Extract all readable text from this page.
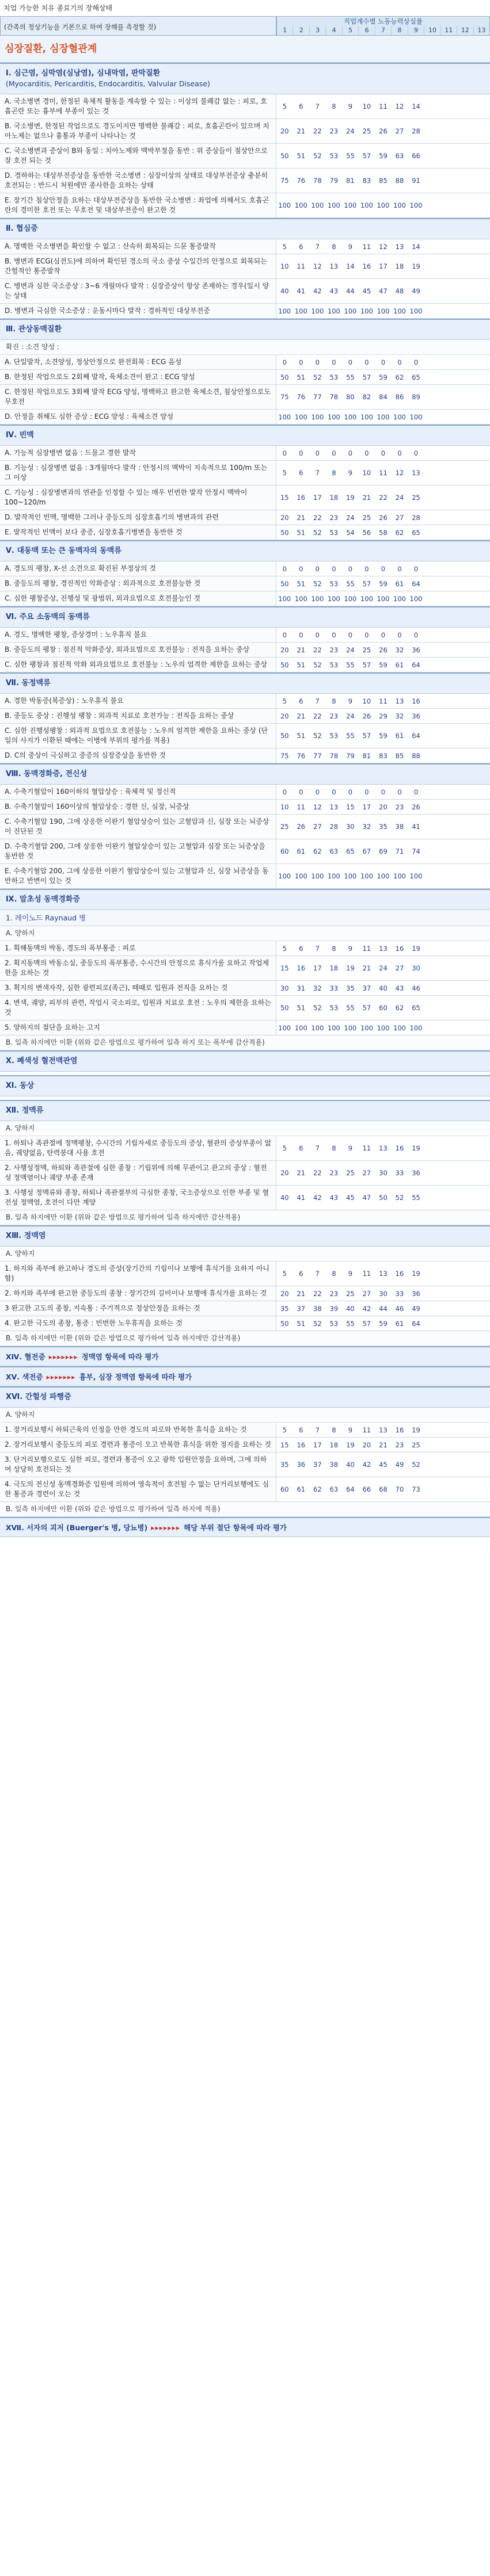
치업 가능한 치유 종료기의 장해상태
(간족의 정상기능을 기본으로 하여 장해를 측정할 것)
직업계수별 노동능력상실률
1	2	3	4	5	6	7	8	9	10	11	12	13
심장질환, 심장혈관계
Ⅰ. 심근염, 심막염(심낭염), 심내막염, 판막질환
(Myocarditis, Pericarditis, Endocarditis, Valvular Disease)
A. 국소병변 경미, 한정된 육체적 활동을 계속할 수 있는 : 이상의 불쾌감 없는 : 피로, 호흡곤란 또는 흉부에 부종이 있는 것
5	6	7	8	9	10	11	12	14
B. 국소병변, 한정된 작업으로도 경도이지만 명백한 불쾌감 : 피로, 호흡곤란이 있으며 치아노제는 없으나 흉통과 부종이 나타나는 것
20	21	22	23	24	25	26	27	28
C. 국소병변과 증상이 B와 동일 : 치아노제와 맥박부정을 동반 : 위 증상들이 점상안으로 잘 호전 되는 것
50	51	52	53	55	57	59	63	66
D. 경하하는 대상부전증상을 동반한 국소병변 : 심장이상의 상태로 대상부전증상 충분히 호전되는 : 반드시 처원에만 종사한을 요하는 상태
75	76	78	79	81	83	85	88	91
E. 장기간 침상안정을 요하는 대상부전증상을 동반한 국소병변 : 좌업에 의해서도 호흡곤란의 경미한 호전 또는 무호전 및 대상부전증이 완고한 것
100 100 100 100 100 100 100 100 100
Ⅱ. 협심증
A. 명백한 국소병변을 확인할 수 없고 : 산속히 회복되는 드문 통증발작	5	6	7	8	9	11	12	13	14
B. 병변과 ECG(심전도)에 의하여 확인된 경소의 국소 중상 수일간의 안정으로 회복되는 간헐적인 통증발작
10	11	12	13	14	16	17	18	19
C. 병변과 심한 국소증상 : 3~6 개월마다 발작 : 심장증상이 항상 존재하는 경우(일시 양는 상태
40	41	42	43	44	45	47	48	49
D. 병변과 극심한 국소증상 : 운동시마다 발작 : 경하적인 대상부전증	100 100 100 100 100 100 100 100 100
Ⅲ. 관상동맥질환
확진 : 소견 양성 :
A. 단일발작, 소견양성, 정상안정으로 완전회복 : ECG 음성	0	0	0	0	0	0	0	0	0
B. 한정된 작업으로도 2회째 발작, 육체소견이 완고 : ECG 양성	50	51	52	53	55	57	59	62	65
C. 한정된 작업으로도 3회째 발작 ECG 양성, 명백하고 완고한 육체소견, 침상안정으로도 무호전
75	76	77	78	80	82	84	86	89
D. 안정을 취해도 심한 증상 : ECG 양성 : 육체소견 양성	100 100 100 100 100 100 100 100 100
Ⅳ. 빈맥
A. 기능적 심장병변 없음 : 드물고 경한 발작	0	0	0	0	0	0	0	0	0
B. 기능성 : 심장병변 없음 : 3개월마다 발작 : 안정시의 맥박이 지속적으로 100/m 또는 그 이상
5	6	7	8	9	10	11	12	13
C. 기능성 : 심장병변과의 연관을 인정할 수 있는 매우 빈번한 발작 안정시 맥박이 100~120/m
15	16	17	18	19	21	22	24	25
D. 발작적인 빈맥, 명백한 그러나 중등도의 심장호흡기의 병변과의 관련	20	21	22	23	24	25	26	27	28
E. 발작적인 빈맥이 보다 중증, 심장호흡기병변을 동반한 것	50	51	52	53	54	56	58	62	65
Ⅴ. 대동맥 또는 큰 동맥자의 동맥류
A. 경도의 팽창, X-선 소견으로 확진된 부정상의 것	0	0	0	0	0	0	0	0	0
B. 중등도의 팽창, 경진적인 악화증상 : 외과적으로 호전불능한 것	50	51	52	53	55	57	59	61	64
C. 심한 팽창증상, 진행성 및 광범위, 외과요법으로 호전불능인 것	100 100 100 100 100 100 100 100 100
Ⅵ. 주요 소동맥의 동맥류
A. 경도, 명백한 팽창, 증상경미 : 노우휴직 불요	0	0	0	0	0	0	0	0	0
B. 중등도의 팽창 : 점진적 악화증상, 외과요법으로 호전불능 : 전직을 요하는 중상	20	21	22	23	24	25	26	32	36
C. 심한 팽창과 점진적 악화 외과요법으로 호전불능 : 노우의 업격한 제한을 요하는 중상	50	51	52	53	55	57	59	61	64
Ⅶ. 동정맥류
A. 경한 박동증(복증상) : 노우휴직 불요	5	6	7	8	9	10	11	13	16
B. 중등도 중상 : 진행성 팽창 : 외과적 치료로 호전가능 : 전직을 요하는 중상	20	21	22	23	24	26	29	32	36
C. 심한 진행성팽창 : 외과적 요법으로 호전불능 : 노우의 엄격한 제한을 요하는 중상 (단일의 사지가 이환된 때에는 이병에 부위의 평가를 적용)
50	51	52	53	55	57	59	61	64
D. C의 중상이 극심하고 중증의 심장증상을 동반한 것	75	76	77	78	79	81	83	85	88
Ⅷ. 동맥경화증, 전신성
A. 수축기혈압이 160이하의 혈압상승 : 육체적 및 정신적	0	0	0	0	0	0	0	0	0
B. 수축기혈압이 160이상의 혈압상승 : 경한 신, 심장, 뇌증상	10	11	12	13	15	17	20	23	26
C. 수축기혈압 190, 그에 상응한 이완기 혈압상승이 있는 고혈압과 신, 심장 또는 뇌증상이 진단된 것
25	26	27	28	30	32	35	38	41
D. 수축기혈압 200, 그에 상응한 이완기 혈압상승이 있는 고혈압과 심장 또는 뇌증상을 동반한 것
60	61	62	63	65	67	69	71	74
E. 수축기혈압 200, 그에 상응한 이완기 혈압상승이 있는 고혈압과 신, 심장 뇌증상을 동반하고 반변이 있는 것
100 100 100 100 100 100 100 100 100
Ⅸ. 말초성 동맥경화증
1. 레이노드 Raynaud 병
A. 양하지
1. 획해동맥의 박동, 경도의 폭부통증 : 피로	5	6	7	8	9	11	13	16	19
2. 획지동맥의 박동소실, 중등도의 폭부통증, 수시간의 안정으로 휴식가를 요하고 작업제한을 요하는 것
15	16	17	18	19	21	24	27	30
3. 획지의 변색자작, 심한 광련피로(족근), 떼때로 입원과 전직을 요하는 것	30	31	32	33	35	37	40	43	46
4. 변색, 궤양, 피부의 관련, 작업시 국소피로, 입원과 치료로 호전 : 노우의 제한을 요하는 것
50	51	52	53	55	57	60	62	65
5. 양하지의 절단을 요하는 고지	100 100 100 100 100 100 100 100 100
B. 일측 하지에만 이환 (위와 같은 방법으로 평가하여 일측 하지 또는 폭부에 감산적용)
Ⅹ. 폐색성 혈전맥관염
Ⅺ. 동상
Ⅻ. 정맥류
A. 양하지
1. 하퇴나 족관절에 정맥팽창, 수시간의 기립자세로 중등도의 증상, 혈관의 증상부종이 없음, 궤양없음, 탄력붕대 사용 호전
5	6	7	8	9	11	13	16	19
2. 사행성정맥, 하퇴와 족관절에 심한 종창 : 기립위에 의해 무관이고 관고의 중상 : 혈전성 정맥염이나 궤양 부종 존재
20	21	22	23	25	27	30	33	36
3. 사행성 정맥류와 종창, 하퇴나 족관절부의 극심한 종창, 국소증상으로 인한 부종 및 혈전성 정맥염, 호전이 다만 계양
40	41	42	43	45	47	50	52	55
B. 일측 하지에만 이환 (위와 같은 방법으로 평가하여 일측 하지에만 감산적용)
ⅩⅢ. 정맥염
A. 양하지
1. 하지와 족부에 완고하나 경도의 증상(장기간의 기립이나 보행에 휴식기를 요하지 아니함)
5	6	7	8	9	11	13	16	19
2. 하지와 족부에 완고한 중등도의 종창 : 장기간의 길비이나 보행에 휴식가를 요하는 것	20	21	22	23	25	27	30	33	36
3 완고한 고도의 종창, 지속통 : 주기적으로 정상안정을 요하는 것	35	37	38	39	40	42	44	46	49
4. 완고한 극도의 종창, 통증 : 빈번한 노우휴직을 요하는 것	50	51	52	53	55	57	59	61	64
B. 일측 하지에만 이환 (위와 같은 방법으로 평가하여 일측 하지에만 감산적용)
ⅩⅣ. 혈전증 ▸▸▸▸▸▸▸ 정맥염 항목에 따라 평가
ⅩⅤ. 색전증 ▸▸▸▸▸▸▸ 흉부, 심장 정맥염 항목에 따라 평가
ⅩⅥ. 간헐성 파행증
A. 양하지
1. 장거리보행시 하퇴근육의 인정을 만한 경도의 피로와 반복한 휴식을 요하는 것	5	6	7	8	9	11	13	16	19
2. 장거리보행시 중등도의 피로 경련과 통증이 오고 반복한 휴식을 위한 정지를 요하는 것	15	16	17	18	19	20	21	23	25
3. 단거리보행으로도 심한 피로, 경련과 통증이 오고 광학 입원안정을 요하며, 그에 의하여 상당히 호전되는 것
35	36	37	38	40	42	45	49	52
4. 극도의 전신성 동맥경화증 입원에 의하여 영속적이 호전될 수 없는 단거리보행에도 심한 통증과 경련이 오는 것
60	61	62	63	64	66	68	70	73
B. 일측 하지에만 이환 (위와 같은 방법으로 평가하여 일측 하지에 적용)
ⅩⅦ. 서자의 괴저 (Buerger's 병, 당뇨병) ▸▸▸▸▸▸▸ 해당 부위 절단 항목에 따라 평가
